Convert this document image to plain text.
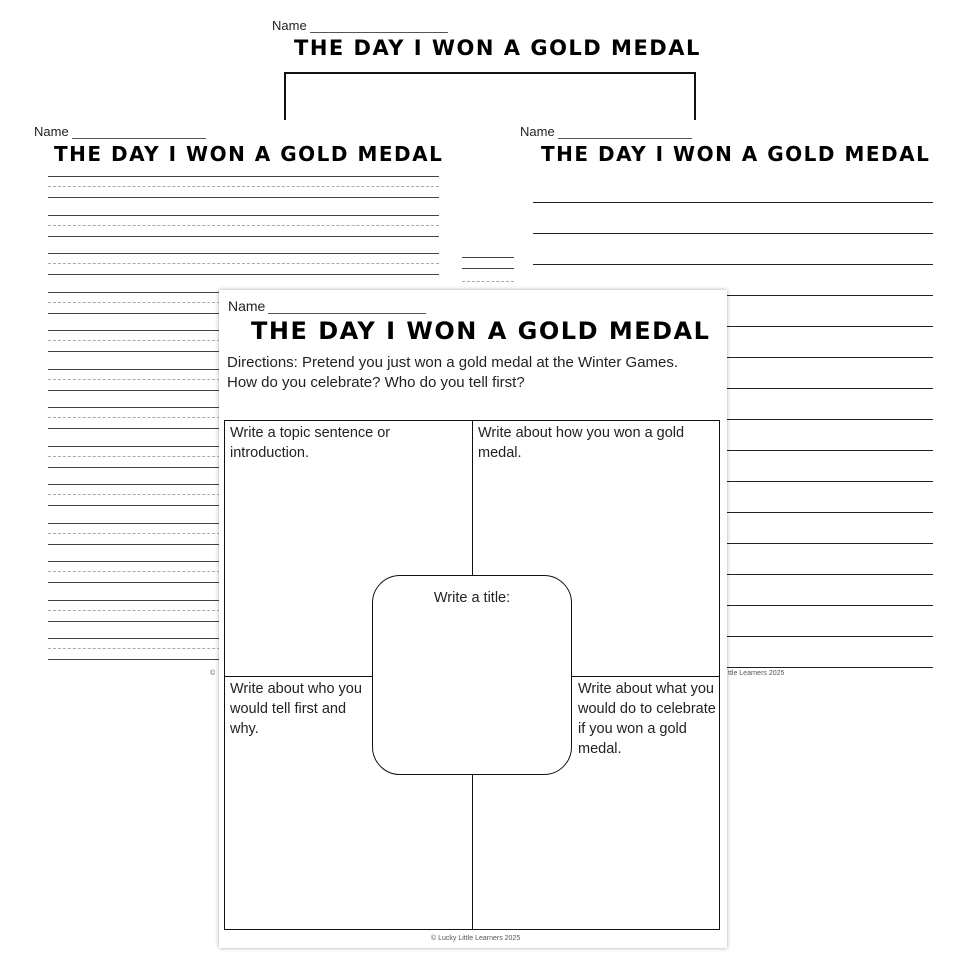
Name
THE DAY I WON A GOLD MEDAL
Name
THE DAY I WON A GOLD MEDAL
©
Name
THE DAY I WON A GOLD MEDAL
ttle Learners 2025
Name
THE DAY I WON A GOLD MEDAL
Directions: Pretend you just won a gold medal at the Winter Games.
How do you celebrate? Who do you tell first?
Write a topic sentence or introduction.
Write about how you won a gold medal.
Write about who you would tell first and why.
Write about what you would do to celebrate if you won a gold medal.
Write a title:
© Lucky Little Learners 2025
